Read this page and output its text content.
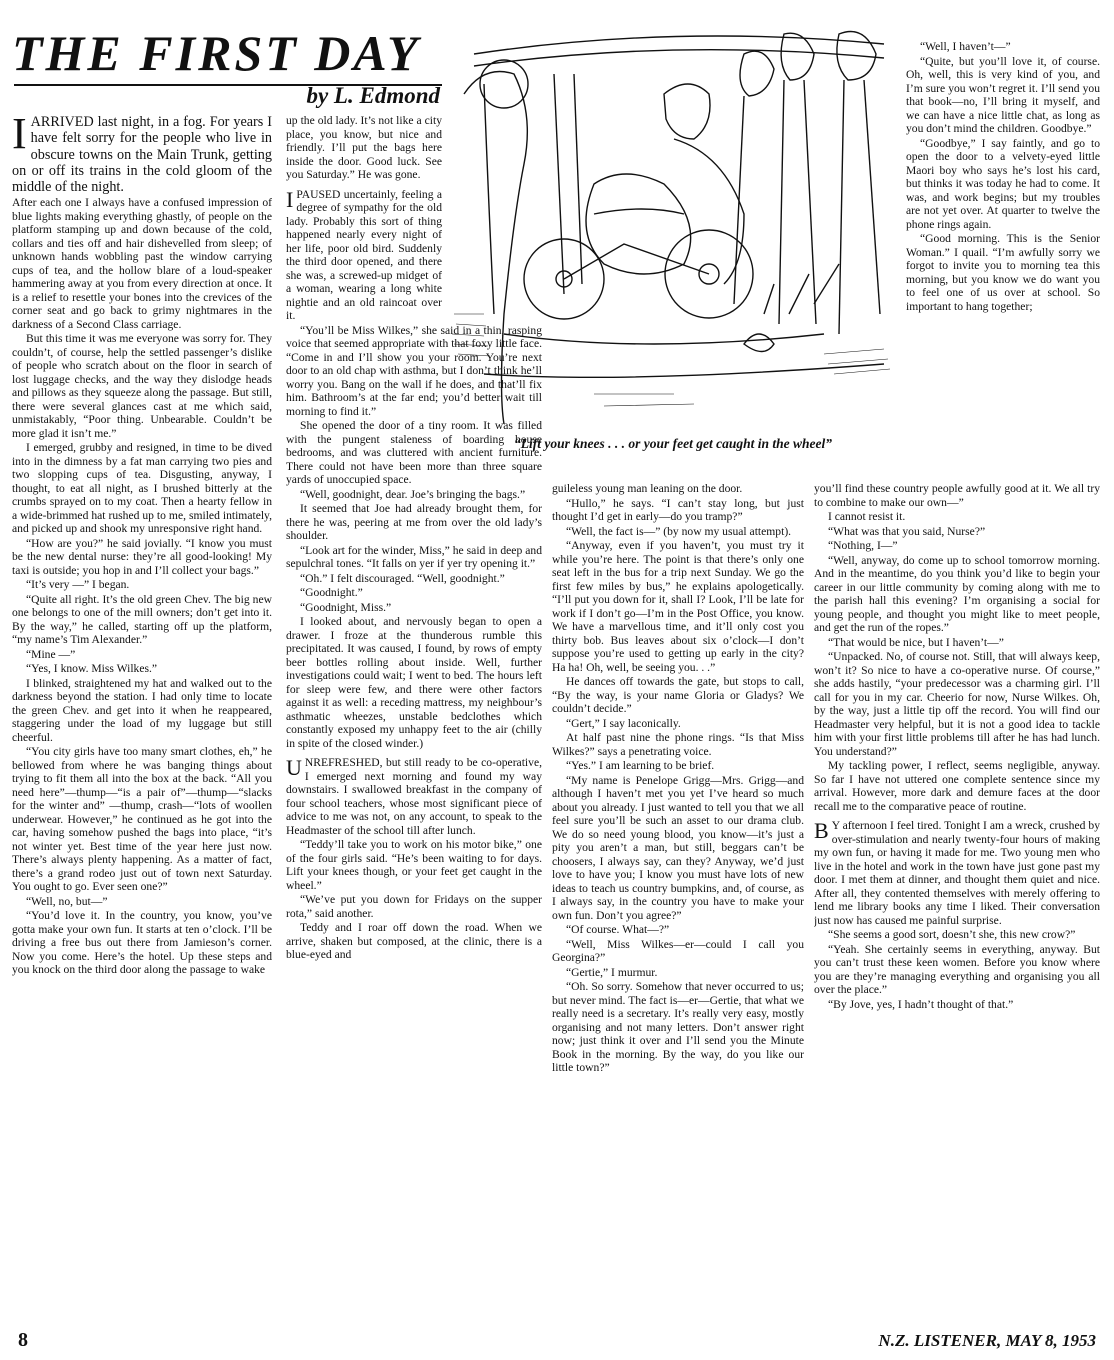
THE FIRST DAY
by L. Edmond
“Lift your knees . . . or your feet get caught in the wheel”

IARRIVED last night, in a fog. For years I have felt sorry for the people who live in obscure towns on the Main Trunk, getting on or off its trains in the cold gloom of the middle of the night.

After each one I always have a confused impression of blue lights making everything ghastly, of people on the platform stamping up and down because of the cold, collars and ties off and hair dishevelled from sleep; of unknown hands wobbling past the window carrying cups of tea, and the hollow blare of a loud-speaker hammering away at you from every direction at once. It is a relief to resettle your bones into the crevices of the corner seat and go back to grimy nightmares in the darkness of a Second Class carriage.

But this time it was me everyone was sorry for. They couldn’t, of course, help the settled passenger’s dislike of people who scratch about on the floor in search of lost luggage checks, and the way they dislodge heads and pillows as they squeeze along the passage. But still, there were several glances cast at me which said, unmistakably, “Poor thing. Unbearable. Couldn’t be more glad it isn’t me.”

I emerged, grubby and resigned, in time to be dived into in the dimness by a fat man carrying two pies and two slopping cups of tea. Disgusting, anyway, I thought, to eat all night, as I brushed bitterly at the crumbs sprayed on to my coat. Then a hearty fellow in a wide-brimmed hat rushed up to me, smiled intimately, and picked up and shook my unresponsive right hand.

“How are you?” he said jovially. “I know you must be the new dental nurse: they’re all good-looking! My taxi is outside; you hop in and I’ll collect your bags.”

“It’s very —” I began.

“Quite all right. It’s the old green Chev. The big new one belongs to one of the mill owners; don’t get into it. By the way,” he called, starting off up the platform, “my name’s Tim Alexander.”

“Mine —”

“Yes, I know. Miss Wilkes.”

I blinked, straightened my hat and walked out to the darkness beyond the station. I had only time to locate the green Chev. and get into it when he reappeared, staggering under the load of my luggage but still cheerful.

“You city girls have too many smart clothes, eh,” he bellowed from where he was banging things about trying to fit them all into the box at the back. “All you need here”—thump—“is a pair of”—thump—“slacks for the winter and” —thump, crash—“lots of woollen underwear. However,” he continued as he got into the car, having somehow pushed the bags into place, “it’s not winter yet. Best time of the year here just now. There’s always plenty happening. As a matter of fact, there’s a grand rodeo just out of town next Saturday. You ought to go. Ever seen one?”

“Well, no, but—”

“You’d love it. In the country, you know, you’ve gotta make your own fun. It starts at ten o’clock. I’ll be driving a free bus out there from Jamieson’s corner. Now you come. Here’s the hotel. Up these steps and you knock on the third door along the passage to wake

up the old lady. It’s not like a city place, you know, but nice and friendly. I’ll put the bags here inside the door. Good luck. See you Saturday.” He was gone.

IPAUSED uncertainly, feeling a degree of sympathy for the old lady. Probably this sort of thing happened nearly every night of her life, poor old bird. Suddenly the third door opened, and there she was, a screwed-up midget of a woman, wearing a long white nightie and an old raincoat over it.

“You’ll be Miss Wilkes,” she said in a thin, rasping voice that seemed appropriate with that foxy little face. “Come in and I’ll show you your room. You’re next door to an old chap with asthma, but I don’t think he’ll worry you. Bang on the wall if he does, and that’ll fix him. Bathroom’s at the far end; you’d better wait till morning to find it.”

She opened the door of a tiny room. It was filled with the pungent staleness of boarding house bedrooms, and was cluttered with ancient furniture. There could not have been more than three square yards of unoccupied space.

“Well, goodnight, dear. Joe’s bringing the bags.”

It seemed that Joe had already brought them, for there he was, peering at me from over the old lady’s shoulder.

“Look art for the winder, Miss,” he said in deep and sepulchral tones. “It falls on yer if yer try opening it.”

“Oh.” I felt discouraged. “Well, goodnight.”

“Goodnight.”

“Goodnight, Miss.”

I looked about, and nervously began to open a drawer. I froze at the thunderous rumble this precipitated. It was caused, I found, by rows of empty beer bottles rolling about inside. Well, further investigations could wait; I went to bed. The hours left for sleep were few, and there were other factors against it as well: a receding mattress, my neighbour’s asthmatic wheezes, unstable bedclothes which constantly exposed my unhappy feet to the air (chilly in spite of the closed winder.)

UNREFRESHED, but still ready to be co-operative, I emerged next morning and found my way downstairs. I swallowed breakfast in the company of four school teachers, whose most significant piece of advice to me was not, on any account, to speak to the Headmaster of the school till after lunch.

“Teddy’ll take you to work on his motor bike,” one of the four girls said. “He’s been waiting to for days. Lift your knees though, or your feet get caught in the wheel.”

“We’ve put you down for Fridays on the supper rota,” said another.

Teddy and I roar off down the road. When we arrive, shaken but composed, at the clinic, there is a blue-eyed and

guileless young man leaning on the door.

“Hullo,” he says. “I can’t stay long, but just thought I’d get in early—do you tramp?”

“Well, the fact is—” (by now my usual attempt).

“Anyway, even if you haven’t, you must try it while you’re here. The point is that there’s only one seat left in the bus for a trip next Sunday. We go the first few miles by bus,” he explains apologetically. “I’ll put you down for it, shall I? Look, I’ll be late for work if I don’t go—I’m in the Post Office, you know. We have a marvellous time, and it’ll only cost you thirty bob. Bus leaves about six o’clock—I don’t suppose you’re used to getting up early in the city? Ha ha! Oh, well, be seeing you. . .”

He dances off towards the gate, but stops to call, “By the way, is your name Gloria or Gladys? We couldn’t decide.”

“Gert,” I say laconically.

At half past nine the phone rings. “Is that Miss Wilkes?” says a penetrating voice.

“Yes.” I am learning to be brief.

“My name is Penelope Grigg—Mrs. Grigg—and although I haven’t met you yet I’ve heard so much about you already. I just wanted to tell you that we all feel sure you’ll be such an asset to our drama club. We do so need young blood, you know—it’s just a pity you aren’t a man, but still, beggars can’t be choosers, I always say, can they? Anyway, we’d just love to have you; I know you must have lots of new ideas to teach us country bumpkins, and, of course, as I always say, in the country you have to make your own fun. Don’t you agree?”

“Of course. What—?”

“Well, Miss Wilkes—er—could I call you Georgina?”

“Gertie,” I murmur.

“Oh. So sorry. Somehow that never occurred to us; but never mind. The fact is—er—Gertie, that what we really need is a secretary. It’s really very easy, mostly organising and not many letters. Don’t answer right now; just think it over and I’ll send you the Minute Book in the morning. By the way, do you like our little town?”

“Well, I haven’t—”

“Quite, but you’ll love it, of course. Oh, well, this is very kind of you, and I’m sure you won’t regret it. I’ll send you that book—no, I’ll bring it myself, and we can have a nice little chat, as long as you don’t mind the children. Goodbye.”

“Goodbye,” I say faintly, and go to open the door to a velvety-eyed little Maori boy who says he’s lost his card, but thinks it was today he had to come. It was, and work begins; but my troubles are not yet over. At quarter to twelve the phone rings again.

“Good morning. This is the Senior Woman.” I quail. “I’m awfully sorry we forgot to invite you to morning tea this morning, but you know we do want you to feel one of us over at school. So important to hang together;

you’ll find these country people awfully good at it. We all try to combine to make our own—”

I cannot resist it.

“What was that you said, Nurse?”

“Nothing, I—”

“Well, anyway, do come up to school tomorrow morning. And in the meantime, do you think you’d like to begin your career in our little community by coming along with me to the parish hall this evening? I’m organising a social for young people, and thought you might like to meet people, and get the run of the ropes.”

“That would be nice, but I haven’t—”

“Unpacked. No, of course not. Still, that will always keep, won’t it? So nice to have a co-operative nurse. Of course,” she adds hastily, “your predecessor was a charming girl. I’ll call for you in my car. Cheerio for now, Nurse Wilkes. Oh, by the way, just a little tip off the record. You will find our Headmaster very helpful, but it is not a good idea to tackle him with your first little problems till after he has had lunch. You understand?”

My tackling power, I reflect, seems negligible, anyway. So far I have not uttered one complete sentence since my arrival. However, more dark and demure faces at the door recall me to the comparative peace of routine.

B Y afternoon I feel tired. Tonight I am a wreck, crushed by over-stimulation and nearly twenty-four hours of making my own fun, or having it made for me. Two young men who live in the hotel and work in the town have just gone past my door. I met them at dinner, and thought them quiet and nice. After all, they contented themselves with merely offering to lend me library books any time I liked. Their conversation just now has caused me painful surprise.

“She seems a good sort, doesn’t she, this new crow?”

“Yeah. She certainly seems in everything, anyway. But you can’t trust these keen women. Before you know where you are they’re managing everything and organising you all over the place.”

“By Jove, yes, I hadn’t thought of that.”

8	N.Z. LISTENER, MAY 8, 1953
